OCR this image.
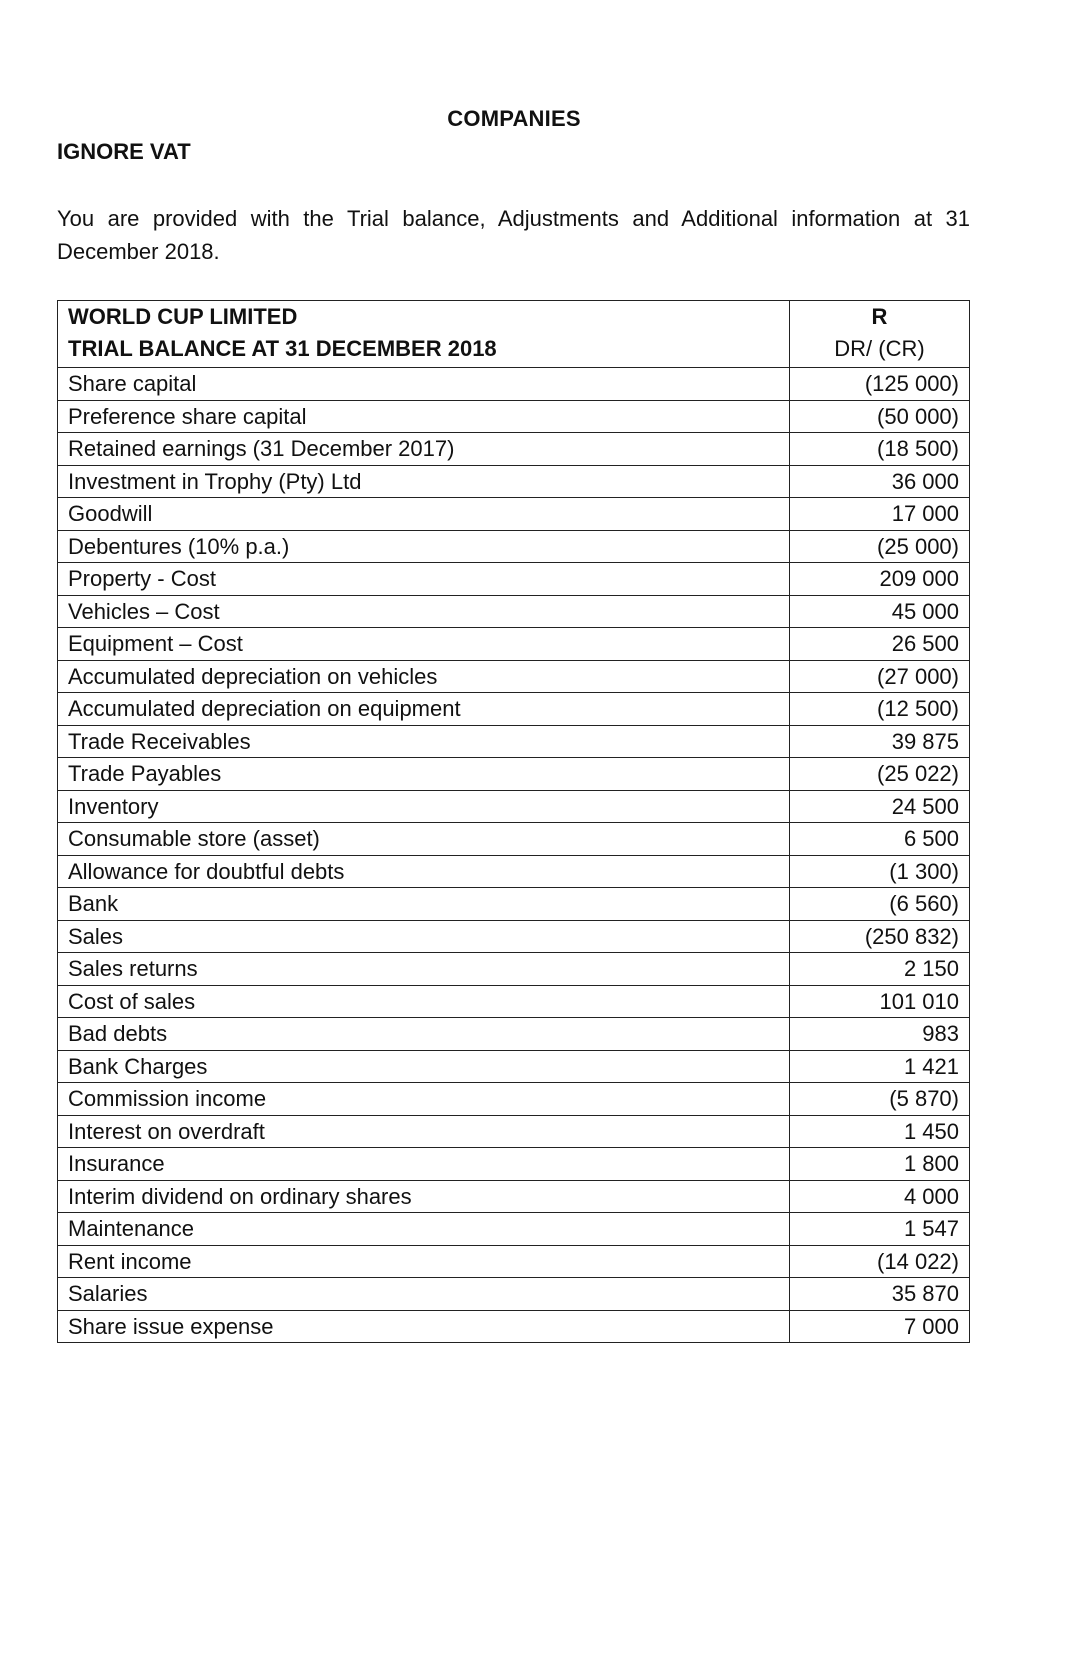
COMPANIES
IGNORE VAT

You are provided with the Trial balance, Adjustments and Additional information at 31 December 2018.

WORLD CUP LIMITED
TRIAL BALANCE AT 31 DECEMBER 2018	R
DR/ (CR)

Share capital	(125 000)
Preference share capital	(50 000)
Retained earnings (31 December 2017)	(18 500)
Investment in Trophy (Pty) Ltd	36 000
Goodwill	17 000
Debentures (10% p.a.)	(25 000)
Property - Cost	209 000
Vehicles – Cost	45 000
Equipment – Cost	26 500
Accumulated depreciation on vehicles	(27 000)
Accumulated depreciation on equipment	(12 500)
Trade Receivables	39 875
Trade Payables	(25 022)
Inventory	24 500
Consumable store (asset)	6 500
Allowance for doubtful debts	(1 300)
Bank	(6 560)
Sales	(250 832)
Sales returns	2 150
Cost of sales	101 010
Bad debts	983
Bank Charges	1 421
Commission income	(5 870)
Interest on overdraft	1 450
Insurance	1 800
Interim dividend on ordinary shares	4 000
Maintenance	1 547
Rent income	(14 022)
Salaries	35 870
Share issue expense	7 000
